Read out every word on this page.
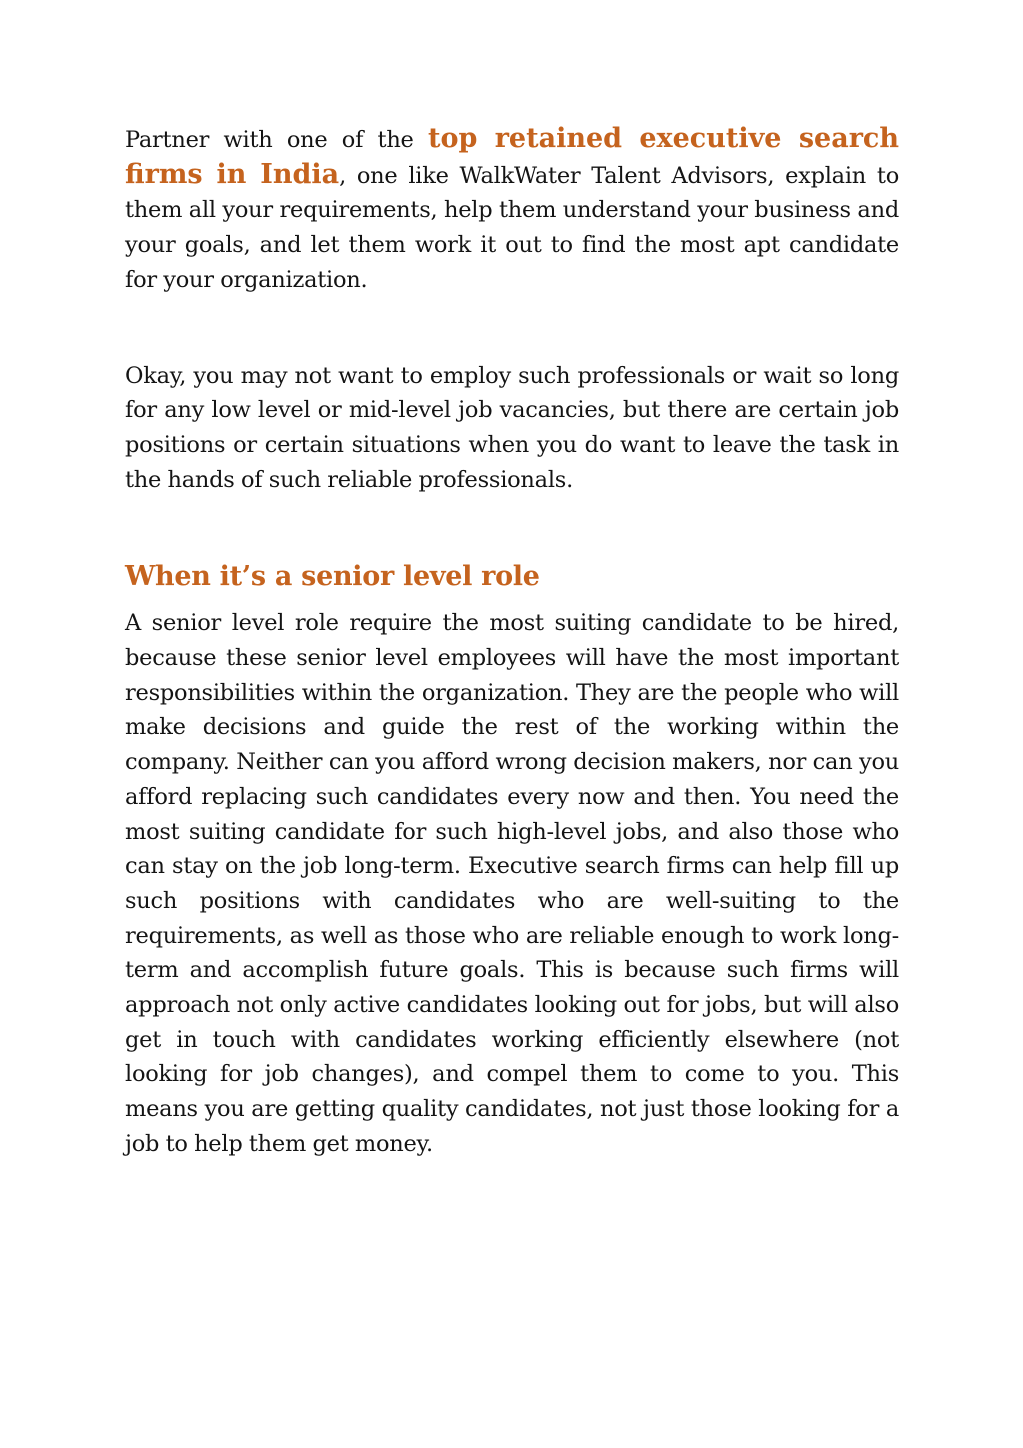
Partner with one of the top retained executive search firms in India, one like WalkWater Talent Advisors, explain to them all your requirements, help them understand your business and your goals, and let them work it out to find the most apt candidate for your organization.

Okay, you may not want to employ such professionals or wait so long for any low level or mid-level job vacancies, but there are certain job positions or certain situations when you do want to leave the task in the hands of such reliable professionals.

When it’s a senior level role

A senior level role require the most suiting candidate to be hired, because these senior level employees will have the most important responsibilities within the organization. They are the people who will make decisions and guide the rest of the working within the company. Neither can you afford wrong decision makers, nor can you afford replacing such candidates every now and then. You need the most suiting candidate for such high-level jobs, and also those who can stay on the job long-term. Executive search firms can help fill up such positions with candidates who are well-suiting to the requirements, as well as those who are reliable enough to work long-term and accomplish future goals. This is because such firms will approach not only active candidates looking out for jobs, but will also get in touch with candidates working efficiently elsewhere (not looking for job changes), and compel them to come to you. This means you are getting quality candidates, not just those looking for a job to help them get money.
